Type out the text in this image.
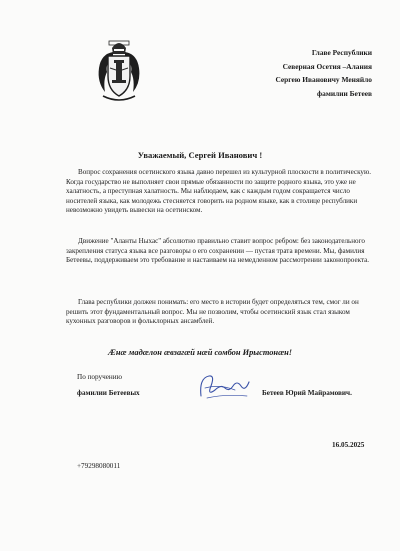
Главе Республики
Северная Осетия –Алания
Сергею Ивановичу Меняйло
фамилии Бетеев
Уважаемый, Сергей Иванович !

Вопрос сохранения осетинского языка давно перешел из культурной плоскости в политическую. Когда государство не выполняет свои прямые обязанности по защите родного языка, это уже не халатность, а преступная халатность. Мы наблюдаем, как с каждым годом сокращается число носителей языка, как молодежь стесняется говорить на родном языке, как в столице республики невозможно увидеть вывески на осетинском.

Движение "Аланты Ныхас" абсолютно правильно ставит вопрос ребром: без законодательного закрепления статуса языка все разговоры о его сохранении — пустая трата времени. Мы, фамилия Бетеевы, поддерживаем это требование и настаиваем на немедленном рассмотрении законопроекта.

Глава республики должен понимать: его место в истории будет определяться тем, смог ли он решить этот фундаментальный вопрос. Мы не позволим, чтобы осетинский язык стал языком кухонных разговоров и фольклорных ансамблей.

Ӕнӕ мадӕлон ӕвзагӕй нӕй сомбон Ирыстонӕн!
По поручению
фамилии Бетеевых	Бетеев Юрий Майрамович.
16.05.2025
+79298080011
